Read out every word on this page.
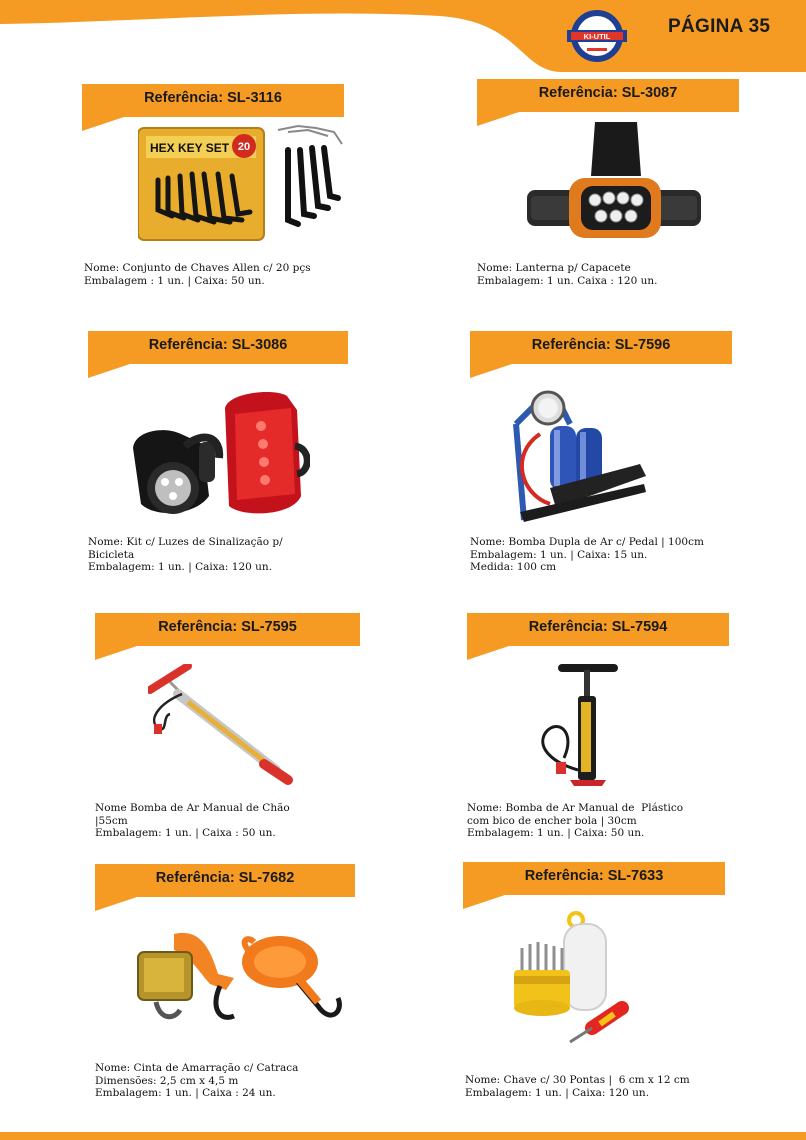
KI-UTIL	PÁGINA 35
Referência: SL-3116
HEX KEY SET 20
Nome: Conjunto de Chaves Allen c/ 20 pçs
Embalagem : 1 un. | Caixa: 50 un.
Referência: SL-3087
Nome: Lanterna p/ Capacete
Embalagem: 1 un. Caixa : 120 un.
Referência: SL-3086
Nome: Kit c/ Luzes de Sinalização p/
Bicicleta
Embalagem: 1 un. | Caixa: 120 un.
Referência: SL-7596
Nome: Bomba Dupla de Ar c/ Pedal | 100cm
Embalagem: 1 un. | Caixa: 15 un.
Medida: 100 cm
Referência: SL-7595
Nome Bomba de Ar Manual de Chão
|55cm
Embalagem: 1 un. | Caixa : 50 un.
Referência: SL-7594
Nome: Bomba de Ar Manual de  Plástico
com bico de encher bola | 30cm
Embalagem: 1 un. | Caixa: 50 un.
Referência: SL-7682
Nome: Cinta de Amarração c/ Catraca
Dimensões: 2,5 cm x 4,5 m
Embalagem: 1 un. | Caixa : 24 un.
Referência: SL-7633
Nome: Chave c/ 30 Pontas |  6 cm x 12 cm
Embalagem: 1 un. | Caixa: 120 un.
